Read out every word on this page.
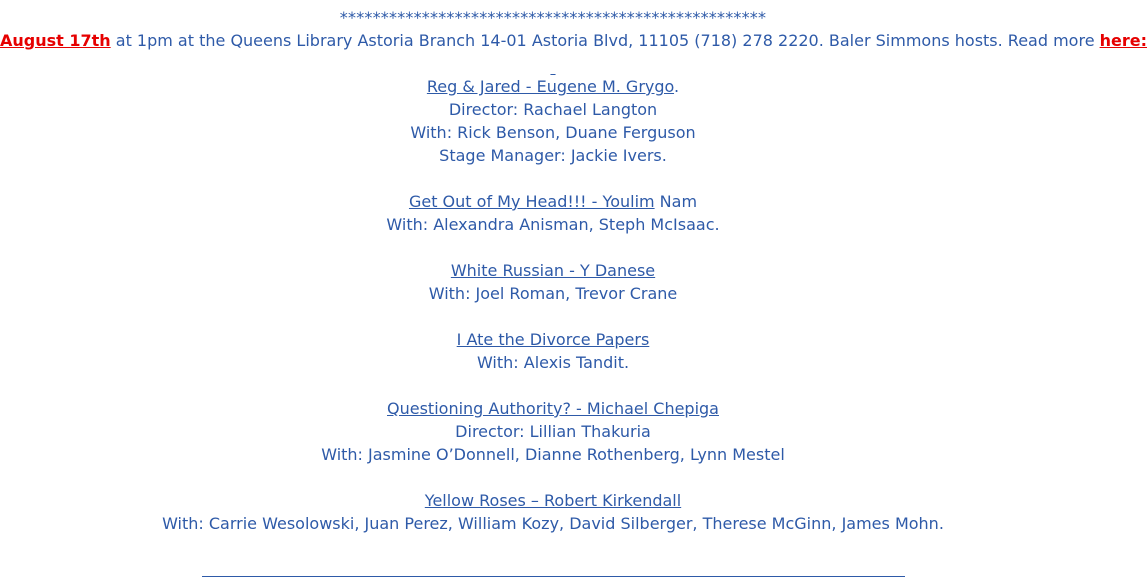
****************************************************
August 17th at 1pm at the Queens Library Astoria Branch 14-01 Astoria Blvd, 11105 (718) 278 2220. Baler Simmons hosts. Read more here:

Reg & Jared - Eugene M. Grygo.
Director: Rachael Langton
With: Rick Benson, Duane Ferguson
Stage Manager: Jackie Ivers.
Get Out of My Head!!! - Youlim Nam
With: Alexandra Anisman, Steph McIsaac.
White Russian - Y Danese
With: Joel Roman, Trevor Crane
I Ate the Divorce Papers
With: Alexis Tandit.
Questioning Authority? - Michael Chepiga
Director: Lillian Thakuria
With: Jasmine O’Donnell, Dianne Rothenberg, Lynn Mestel
Yellow Roses – Robert Kirkendall
With: Carrie Wesolowski, Juan Perez, William Kozy, David Silberger, Therese McGinn, James Mohn.
